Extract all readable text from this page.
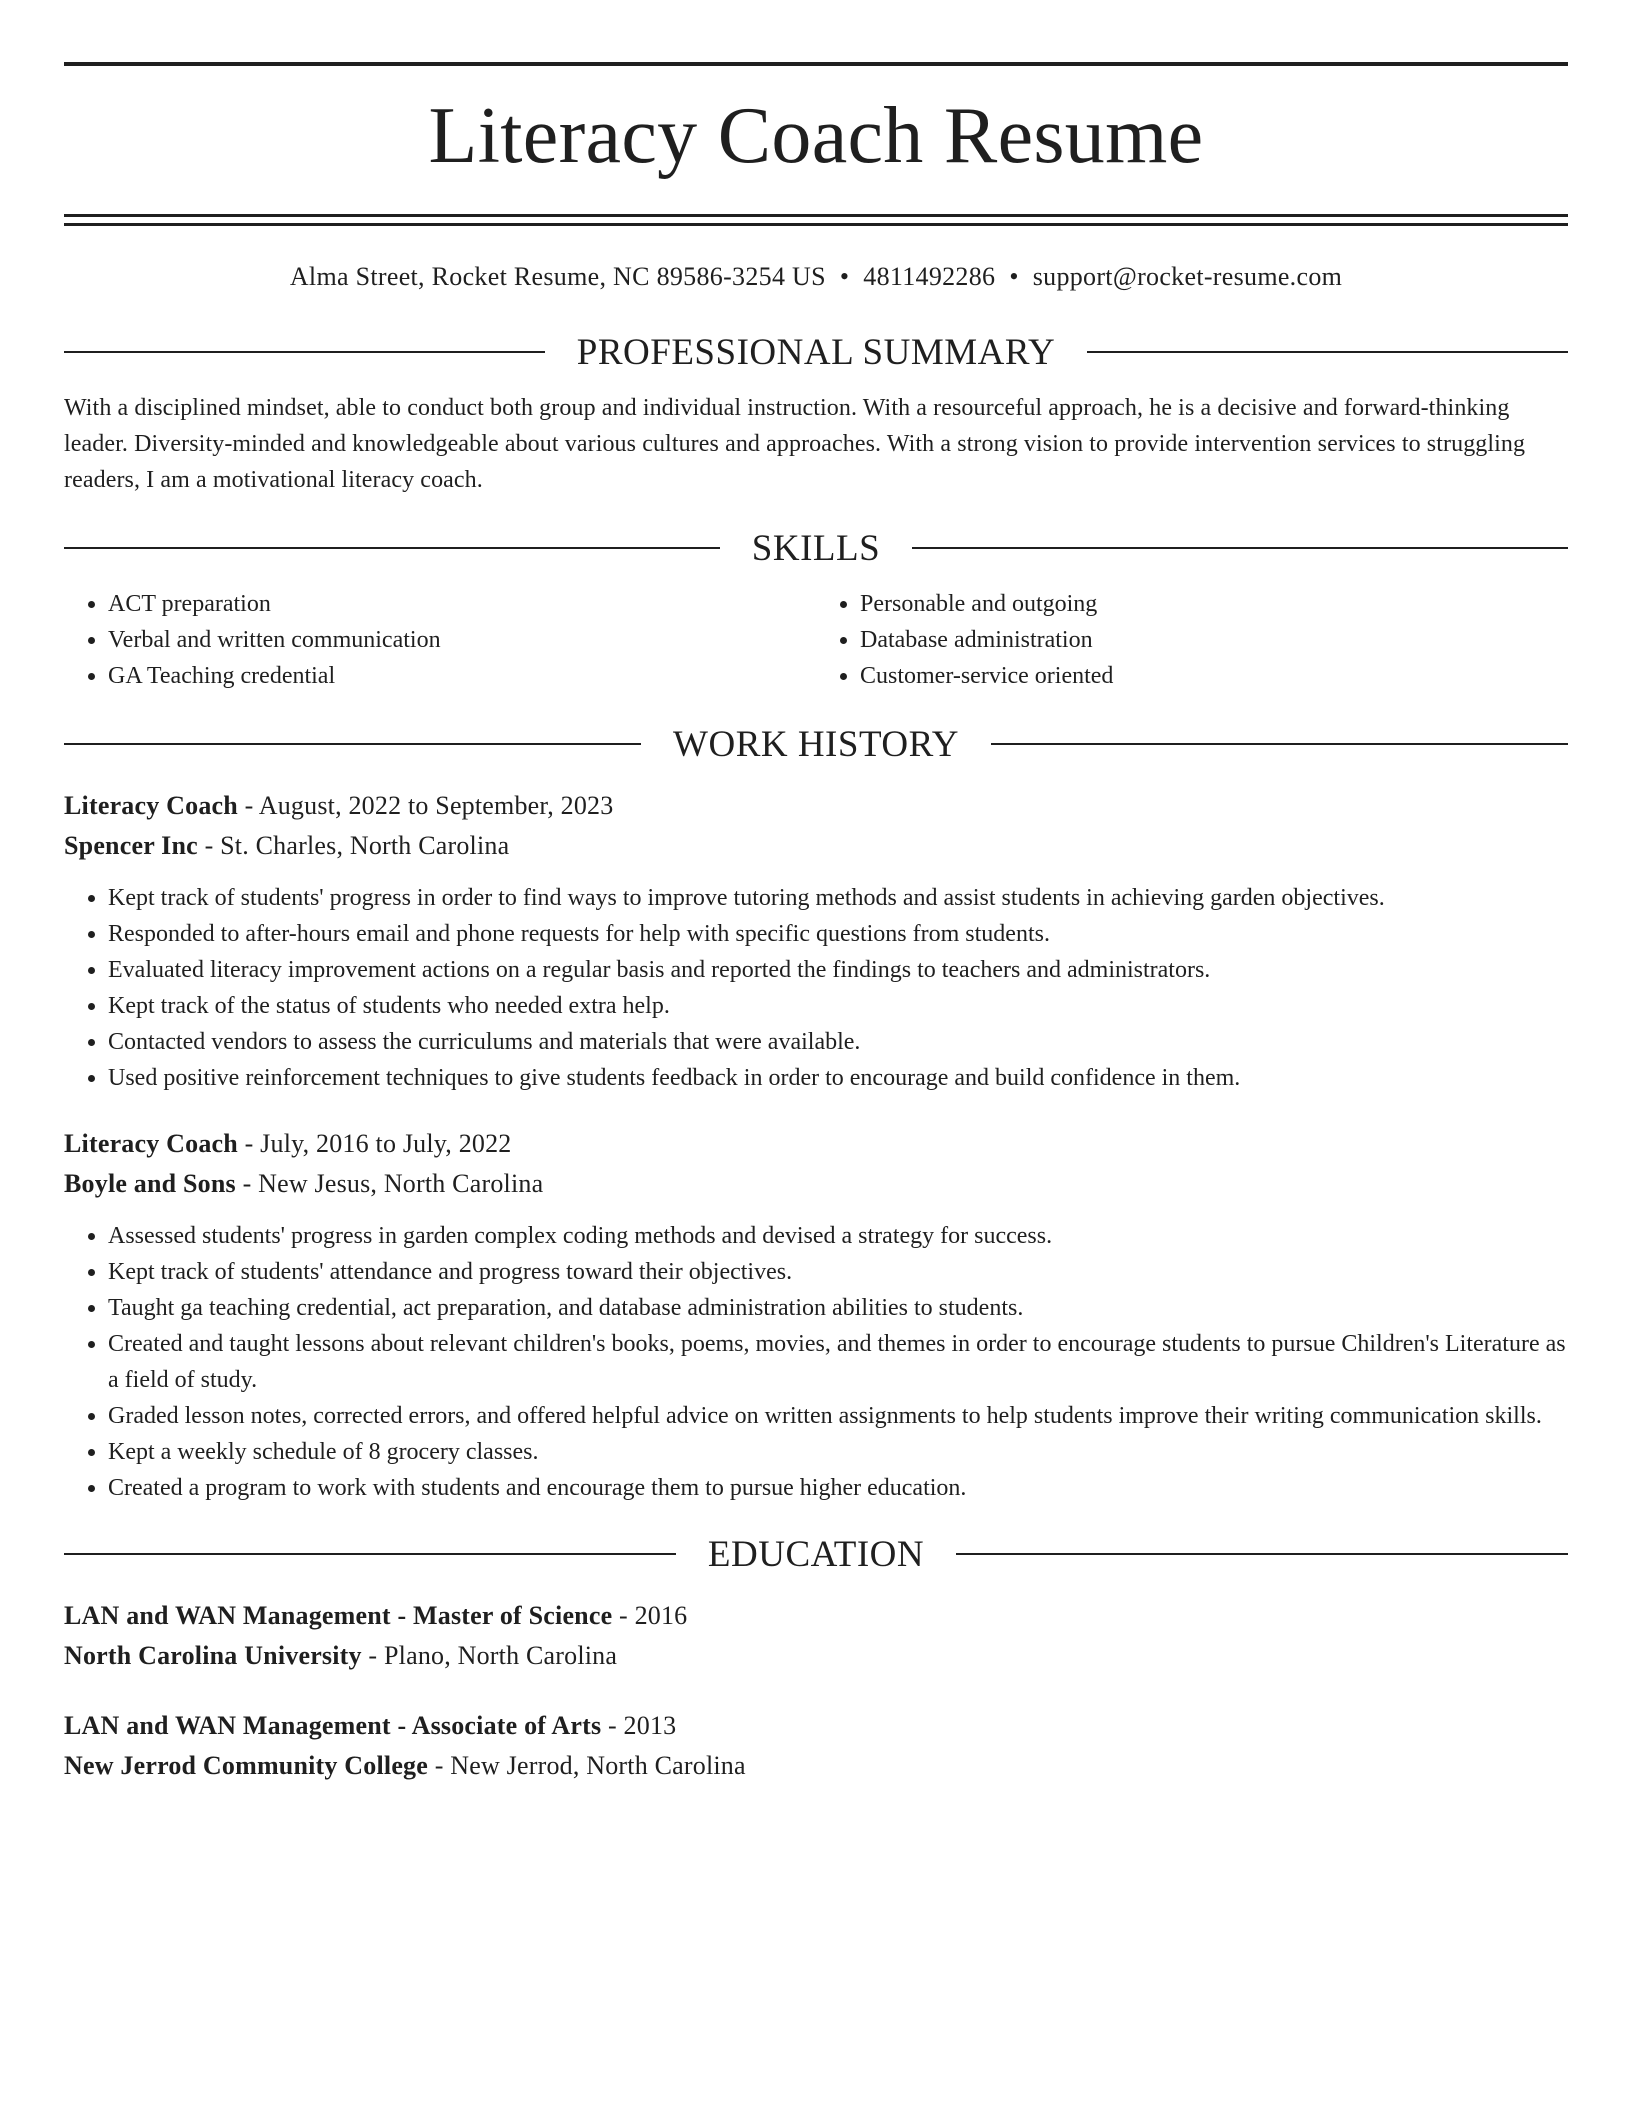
Literacy Coach Resume
Alma Street, Rocket Resume, NC 89586-3254 US • 4811492286 • support@rocket-resume.com
PROFESSIONAL SUMMARY

With a disciplined mindset, able to conduct both group and individual instruction. With a resourceful approach, he is a decisive and forward-thinking leader. Diversity-minded and knowledgeable about various cultures and approaches. With a strong vision to provide intervention services to struggling readers, I am a motivational literacy coach.

SKILLS
• ACT preparation
• Verbal and written communication
• GA Teaching credential
• Personable and outgoing
• Database administration
• Customer-service oriented
WORK HISTORY

Literacy Coach - August, 2022 to September, 2023

Spencer Inc - St. Charles, North Carolina

• Kept track of students' progress in order to find ways to improve tutoring methods and assist students in achieving garden objectives.
• Responded to after-hours email and phone requests for help with specific questions from students.
• Evaluated literacy improvement actions on a regular basis and reported the findings to teachers and administrators.
• Kept track of the status of students who needed extra help.
• Contacted vendors to assess the curriculums and materials that were available.
• Used positive reinforcement techniques to give students feedback in order to encourage and build confidence in them.

Literacy Coach - July, 2016 to July, 2022

Boyle and Sons - New Jesus, North Carolina

• Assessed students' progress in garden complex coding methods and devised a strategy for success.
• Kept track of students' attendance and progress toward their objectives.
• Taught ga teaching credential, act preparation, and database administration abilities to students.
• Created and taught lessons about relevant children's books, poems, movies, and themes in order to encourage students to pursue Children's Literature as a field of study.
• Graded lesson notes, corrected errors, and offered helpful advice on written assignments to help students improve their writing communication skills.
• Kept a weekly schedule of 8 grocery classes.
• Created a program to work with students and encourage them to pursue higher education.
EDUCATION

LAN and WAN Management - Master of Science - 2016

North Carolina University - Plano, North Carolina

LAN and WAN Management - Associate of Arts - 2013

New Jerrod Community College - New Jerrod, North Carolina
